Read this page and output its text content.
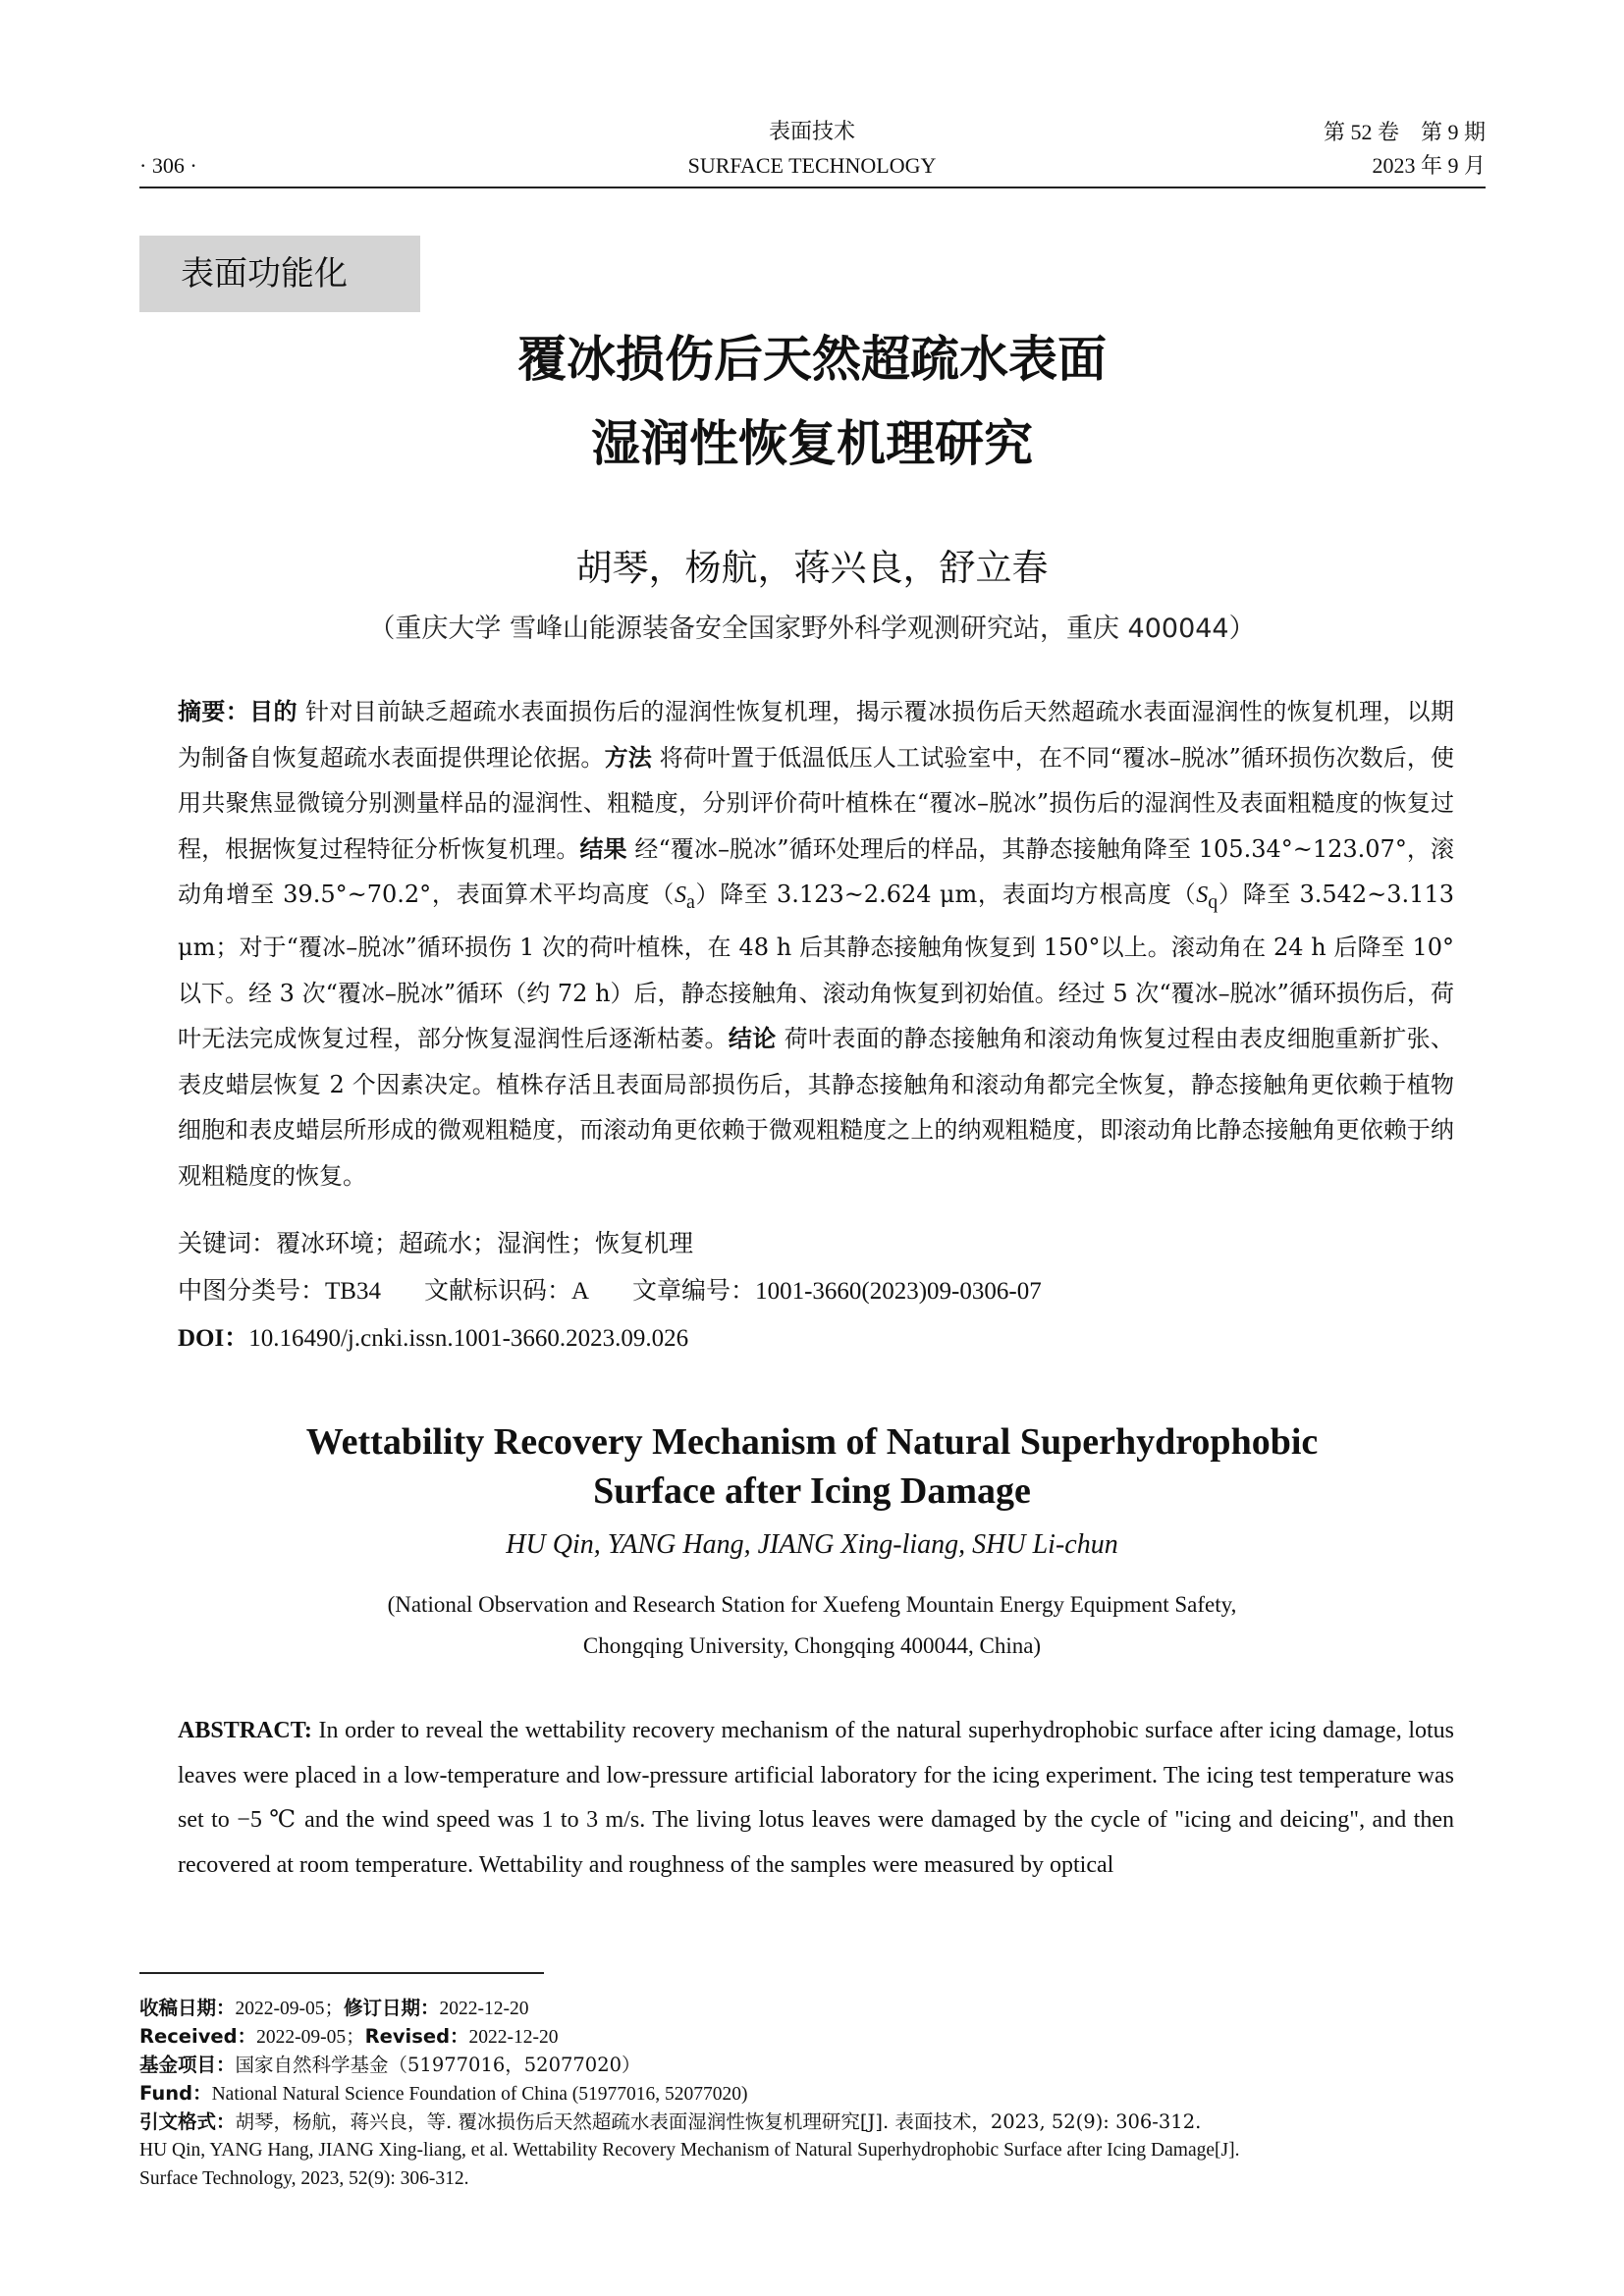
表面技术
SURFACE TECHNOLOGY
· 306 ·
第 52 卷　第 9 期
2023 年 9 月
表面功能化
覆冰损伤后天然超疏水表面
湿润性恢复机理研究
胡琴，杨航，蒋兴良，舒立春
（重庆大学 雪峰山能源装备安全国家野外科学观测研究站，重庆 400044）
摘要：目的 针对目前缺乏超疏水表面损伤后的湿润性恢复机理，揭示覆冰损伤后天然超疏水表面湿润性的恢复机理，以期为制备自恢复超疏水表面提供理论依据。方法 将荷叶置于低温低压人工试验室中，在不同“覆冰–脱冰”循环损伤次数后，使用共聚焦显微镜分别测量样品的湿润性、粗糙度，分别评价荷叶植株在“覆冰–脱冰”损伤后的湿润性及表面粗糙度的恢复过程，根据恢复过程特征分析恢复机理。结果 经“覆冰–脱冰”循环处理后的样品，其静态接触角降至 105.34°~123.07°，滚动角增至 39.5°~70.2°，表面算术平均高度$(S_a)$降至 3.123~2.624 μm，表面均方根高度$(S_q)$降至 3.542~3.113 μm；对于“覆冰–脱冰”循环损伤 1 次的荷叶植株，在 48 h 后其静态接触角恢复到 150°以上。滚动角在 24 h 后降至 10°以下。经 3 次“覆冰–脱冰”循环（约 72 h）后，静态接触角、滚动角恢复到初始值。经过 5 次“覆冰–脱冰”循环损伤后，荷叶无法完成恢复过程，部分恢复湿润性后逐渐枯萎。结论 荷叶表面的静态接触角和滚动角恢复过程由表皮细胞重新扩张、表皮蜡层恢复 2 个因素决定。植株存活且表面局部损伤后，其静态接触角和滚动角都完全恢复，静态接触角更依赖于植物细胞和表皮蜡层所形成的微观粗糙度，而滚动角更依赖于微观粗糙度之上的纳观粗糙度，即滚动角比静态接触角更依赖于纳观粗糙度的恢复。
关键词：覆冰环境；超疏水；湿润性；恢复机理
中图分类号：TB34 文献标识码：A 文章编号：1001-3660(2023)09-0306-07
DOI：10.16490/j.cnki.issn.1001-3660.2023.09.026
Wettability Recovery Mechanism of Natural Superhydrophobic
Surface after Icing Damage
HU Qin, YANG Hang, JIANG Xing-liang, SHU Li-chun
(National Observation and Research Station for Xuefeng Mountain Energy Equipment Safety,
Chongqing University, Chongqing 400044, China)
ABSTRACT: In order to reveal the wettability recovery mechanism of the natural superhydrophobic surface after icing damage, lotus leaves were placed in a low-temperature and low-pressure artificial laboratory for the icing experiment. The icing test temperature was set to −5 ℃ and the wind speed was 1 to 3 m/s. The living lotus leaves were damaged by the cycle of "icing and deicing", and then recovered at room temperature. Wettability and roughness of the samples were measured by optical
收稿日期：2022-09-05；修订日期：2022-12-20
Received：2022-09-05；Revised：2022-12-20
基金项目：国家自然科学基金（51977016，52077020）
Fund：National Natural Science Foundation of China (51977016, 52077020)
引文格式：胡琴，杨航，蒋兴良，等. 覆冰损伤后天然超疏水表面湿润性恢复机理研究[J]. 表面技术，2023, 52(9): 306-312.
HU Qin, YANG Hang, JIANG Xing-liang, et al. Wettability Recovery Mechanism of Natural Superhydrophobic Surface after Icing Damage[J].
Surface Technology, 2023, 52(9): 306-312.
